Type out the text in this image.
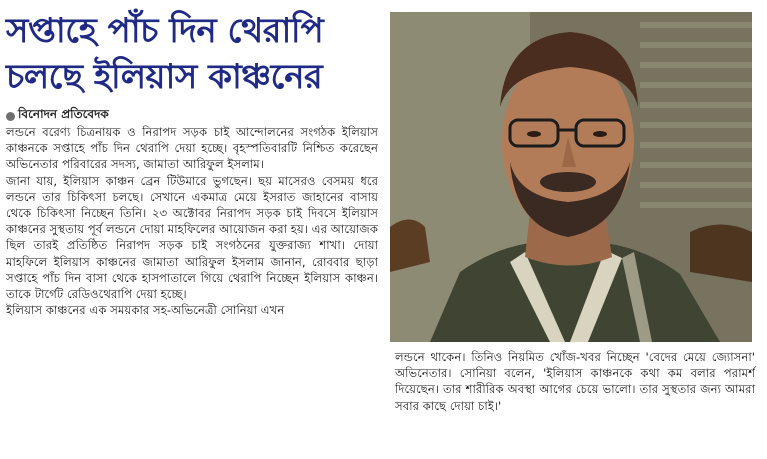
সপ্তাহে পাঁচ দিন থেরাপি
চলছে ইলিয়াস কাঞ্চনের
বিনোদন প্রতিবেদক

লন্ডনে বরেণ্য চিত্রনায়ক ও নিরাপদ সড়ক চাই আন্দোলনের সংগঠক ইলিয়াস কাঞ্চনকে সপ্তাহে পাঁচ দিন থেরাপি দেয়া হচ্ছে। বৃহস্পতিবারটি নিশ্চিত করেছেন অভিনেতার পরিবারের সদস্য, জামাতা আরিফুল ইসলাম।

জানা যায়, ইলিয়াস কাঞ্চন ব্রেন টিউমারে ভুগছেন। ছয় মাসেরও বেসময় ধরে লন্ডনে তার চিকিৎসা চলছে। সেখানে একমাত্র মেয়ে ইসরাত জাহানের বাসায় থেকে চিকিৎসা নিচ্ছেন তিনি। ২৩ অক্টোবর নিরাপদ সড়ক চাই দিবসে ইলিয়াস কাঞ্চনের সুস্থতায় পূর্ব লন্ডনে দোয়া মাহফিলের আয়োজন করা হয়। এর আয়োজক ছিল তারই প্রতিষ্ঠিত নিরাপদ সড়ক চাই সংগঠনের যুক্তরাজ্য শাখা। দোয়া মাহফিলে ইলিয়াস কাঞ্চনের জামাতা আরিফুল ইসলাম জানান, রোববার ছাড়া সপ্তাহে পাঁচ দিন বাসা থেকে হাসপাতালে গিয়ে থেরাপি নিচ্ছেন ইলিয়াস কাঞ্চন। তাকে টার্গেট রেডিওথেরাপি দেয়া হচ্ছে।

ইলিয়াস কাঞ্চনের এক সময়কার সহ-অভিনেত্রী সোনিয়া এখন

লন্ডনে থাকেন। তিনিও নিয়মিত খোঁজ-খবর নিচ্ছেন 'বেদের মেয়ে জ্যোসনা' অভিনেতার। সোনিয়া বলেন, 'ইলিয়াস কাঞ্চনকে কথা কম বলার পরামর্শ দিয়েছেন। তার শারীরিক অবস্থা আগের চেয়ে ভালো। তার সুস্থতার জন্য আমরা সবার কাছে দোয়া চাই।'
